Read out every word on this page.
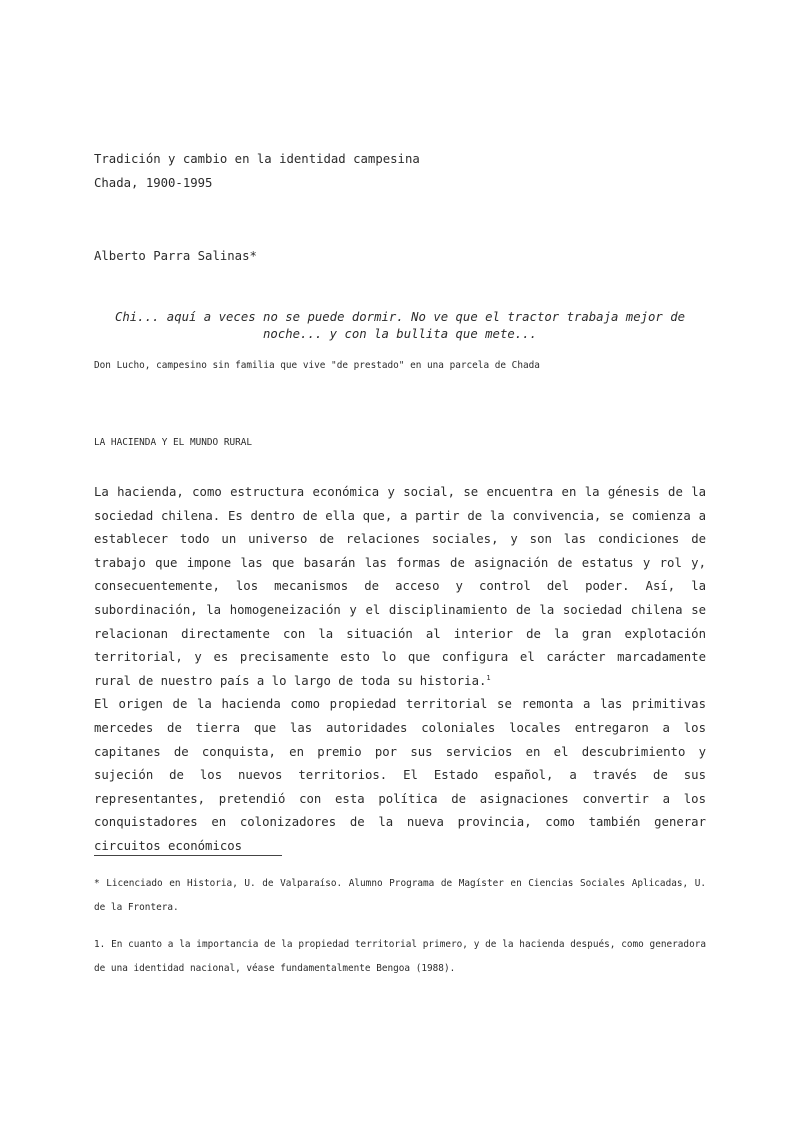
Tradición y cambio en la identidad campesina
Chada, 1900-1995
Alberto Parra Salinas*
Chi... aquí a veces no se puede dormir. No ve que el tractor trabaja mejor de noche... y con la bullita que mete...
Don Lucho, campesino sin familia que vive "de prestado" en una parcela de Chada
LA HACIENDA Y EL MUNDO RURAL

La hacienda, como estructura económica y social, se encuentra en la génesis de la sociedad chilena. Es dentro de ella que, a partir de la convivencia, se comienza a establecer todo un universo de relaciones sociales, y son las condiciones de trabajo que impone las que basarán las formas de asignación de estatus y rol y, consecuentemente, los mecanismos de acceso y control del poder. Así, la subordinación, la homogeneización y el disciplinamiento de la sociedad chilena se relacionan directamente con la situación al interior de la gran explotación territorial, y es precisamente esto lo que configura el carácter marcadamente rural de nuestro país a lo largo de toda su historia.$^1$

El origen de la hacienda como propiedad territorial se remonta a las primitivas mercedes de tierra que las autoridades coloniales locales entregaron a los capitanes de conquista, en premio por sus servicios en el descubrimiento y sujeción de los nuevos territorios. El Estado español, a través de sus representantes, pretendió con esta política de asignaciones convertir a los conquistadores en colonizadores de la nueva provincia, como también generar circuitos económicos

* Licenciado en Historia, U. de Valparaíso. Alumno Programa de Magíster en Ciencias Sociales Aplicadas, U. de la Frontera.

1. En cuanto a la importancia de la propiedad territorial primero, y de la hacienda después, como generadora de una identidad nacional, véase fundamentalmente Bengoa (1988).
